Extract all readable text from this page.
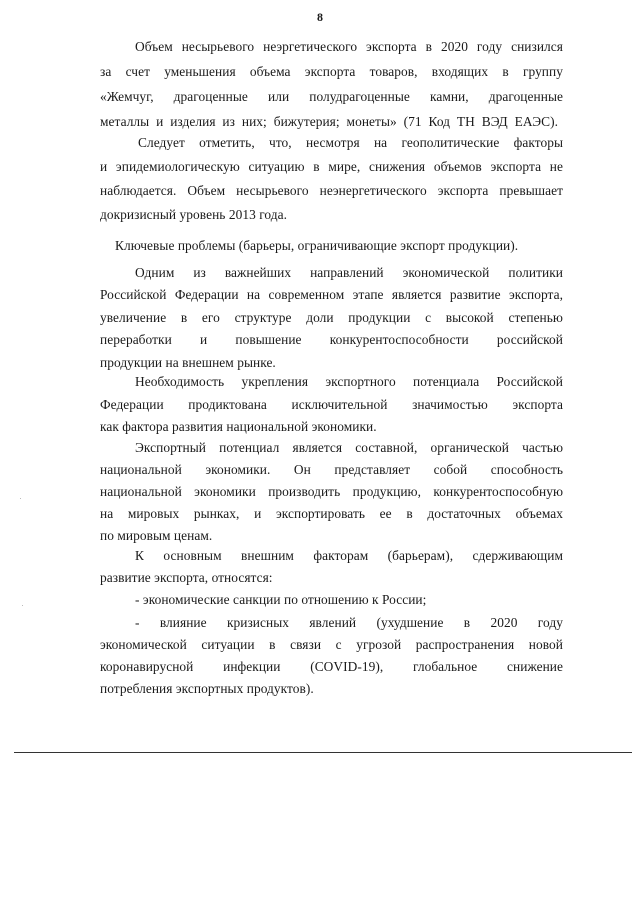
8
Объем несырьевого неэргетического экспорта в 2020 году снизился
за счет уменьшения объема экспорта товаров, входящих в группу
«Жемчуг, драгоценные или полудрагоценные камни, драгоценные
металлы и изделия из них; бижутерия; монеты» (71 Код ТН ВЭД ЕАЭС).
Следует отметить, что, несмотря на геополитические факторы
и эпидемиологическую ситуацию в мире, снижения объемов экспорта не
наблюдается. Объем несырьевого неэнергетического экспорта превышает
докризисный уровень 2013 года.
Ключевые проблемы (барьеры, ограничивающие экспорт продукции).
Одним из важнейших направлений экономической политики
Российской Федерации на современном этапе является развитие экспорта,
увеличение в его структуре доли продукции с высокой степенью
переработки и повышение конкурентоспособности российской
продукции на внешнем рынке.
Необходимость укрепления экспортного потенциала Российской
Федерации продиктована исключительной значимостью экспорта
как фактора развития национальной экономики.
Экспортный потенциал является составной, органической частью
национальной экономики. Он представляет собой способность
национальной экономики производить продукцию, конкурентоспособную
на мировых рынках, и экспортировать ее в достаточных объемах
по мировым ценам.
К основным внешним факторам (барьерам), сдерживающим
развитие экспорта, относятся:
- экономические санкции по отношению к России;
- влияние кризисных явлений (ухудшение в 2020 году
экономической ситуации в связи с угрозой распространения новой
коронавирусной инфекции (COVID-19), глобальное снижение
потребления экспортных продуктов).
